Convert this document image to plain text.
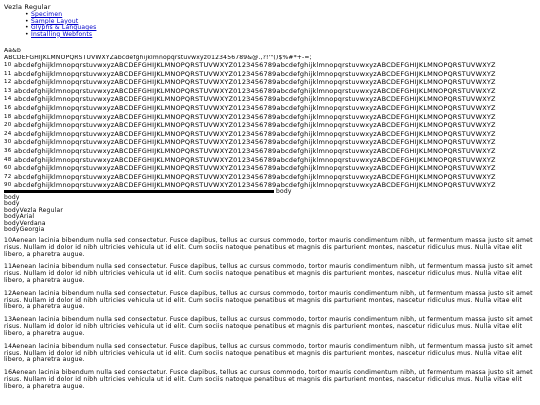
Vezla Regular
• Specimen
• Sample Layout
• Glyphs & Languages
• Installing Webfonts
Aa&b
ABCDEFGHIJKLMNOPQRSTUVWXYZabcdefghijklmnopqrstuvwxyz0123456789&@.,?!'"()$%#*+-=;
10 abcdefghijklmnopqrstuvwxyzABCDEFGHIJKLMNOPQRSTUVWXYZ0123456789abcdefghijklmnopqrstuvwxyzABCDEFGHIJKLMNOPQRSTUVWXYZ
11 abcdefghijklmnopqrstuvwxyzABCDEFGHIJKLMNOPQRSTUVWXYZ0123456789abcdefghijklmnopqrstuvwxyzABCDEFGHIJKLMNOPQRSTUVWXYZ
12 abcdefghijklmnopqrstuvwxyzABCDEFGHIJKLMNOPQRSTUVWXYZ0123456789abcdefghijklmnopqrstuvwxyzABCDEFGHIJKLMNOPQRSTUVWXYZ
13 abcdefghijklmnopqrstuvwxyzABCDEFGHIJKLMNOPQRSTUVWXYZ0123456789abcdefghijklmnopqrstuvwxyzABCDEFGHIJKLMNOPQRSTUVWXYZ
14 abcdefghijklmnopqrstuvwxyzABCDEFGHIJKLMNOPQRSTUVWXYZ0123456789abcdefghijklmnopqrstuvwxyzABCDEFGHIJKLMNOPQRSTUVWXYZ
16 abcdefghijklmnopqrstuvwxyzABCDEFGHIJKLMNOPQRSTUVWXYZ0123456789abcdefghijklmnopqrstuvwxyzABCDEFGHIJKLMNOPQRSTUVWXYZ
18 abcdefghijklmnopqrstuvwxyzABCDEFGHIJKLMNOPQRSTUVWXYZ0123456789abcdefghijklmnopqrstuvwxyzABCDEFGHIJKLMNOPQRSTUVWXYZ
20 abcdefghijklmnopqrstuvwxyzABCDEFGHIJKLMNOPQRSTUVWXYZ0123456789abcdefghijklmnopqrstuvwxyzABCDEFGHIJKLMNOPQRSTUVWXYZ
24 abcdefghijklmnopqrstuvwxyzABCDEFGHIJKLMNOPQRSTUVWXYZ0123456789abcdefghijklmnopqrstuvwxyzABCDEFGHIJKLMNOPQRSTUVWXYZ
30 abcdefghijklmnopqrstuvwxyzABCDEFGHIJKLMNOPQRSTUVWXYZ0123456789abcdefghijklmnopqrstuvwxyzABCDEFGHIJKLMNOPQRSTUVWXYZ
36 abcdefghijklmnopqrstuvwxyzABCDEFGHIJKLMNOPQRSTUVWXYZ0123456789abcdefghijklmnopqrstuvwxyzABCDEFGHIJKLMNOPQRSTUVWXYZ
48 abcdefghijklmnopqrstuvwxyzABCDEFGHIJKLMNOPQRSTUVWXYZ0123456789abcdefghijklmnopqrstuvwxyzABCDEFGHIJKLMNOPQRSTUVWXYZ
60 abcdefghijklmnopqrstuvwxyzABCDEFGHIJKLMNOPQRSTUVWXYZ0123456789abcdefghijklmnopqrstuvwxyzABCDEFGHIJKLMNOPQRSTUVWXYZ
72 abcdefghijklmnopqrstuvwxyzABCDEFGHIJKLMNOPQRSTUVWXYZ0123456789abcdefghijklmnopqrstuvwxyzABCDEFGHIJKLMNOPQRSTUVWXYZ
90 abcdefghijklmnopqrstuvwxyzABCDEFGHIJKLMNOPQRSTUVWXYZ0123456789abcdefghijklmnopqrstuvwxyzABCDEFGHIJKLMNOPQRSTUVWXYZ
body
body
body
bodyVezla Regular
bodyArial
bodyVerdana
bodyGeorgia

10Aenean lacinia bibendum nulla sed consectetur. Fusce dapibus, tellus ac cursus commodo, tortor mauris condimentum nibh, ut fermentum massa justo sit amet risus. Nullam id dolor id nibh ultricies vehicula ut id elit. Cum sociis natoque penatibus et magnis dis parturient montes, nascetur ridiculus mus. Nulla vitae elit libero, a pharetra augue.

11Aenean lacinia bibendum nulla sed consectetur. Fusce dapibus, tellus ac cursus commodo, tortor mauris condimentum nibh, ut fermentum massa justo sit amet risus. Nullam id dolor id nibh ultricies vehicula ut id elit. Cum sociis natoque penatibus et magnis dis parturient montes, nascetur ridiculus mus. Nulla vitae elit libero, a pharetra augue.

12Aenean lacinia bibendum nulla sed consectetur. Fusce dapibus, tellus ac cursus commodo, tortor mauris condimentum nibh, ut fermentum massa justo sit amet risus. Nullam id dolor id nibh ultricies vehicula ut id elit. Cum sociis natoque penatibus et magnis dis parturient montes, nascetur ridiculus mus. Nulla vitae elit libero, a pharetra augue.

13Aenean lacinia bibendum nulla sed consectetur. Fusce dapibus, tellus ac cursus commodo, tortor mauris condimentum nibh, ut fermentum massa justo sit amet risus. Nullam id dolor id nibh ultricies vehicula ut id elit. Cum sociis natoque penatibus et magnis dis parturient montes, nascetur ridiculus mus. Nulla vitae elit libero, a pharetra augue.

14Aenean lacinia bibendum nulla sed consectetur. Fusce dapibus, tellus ac cursus commodo, tortor mauris condimentum nibh, ut fermentum massa justo sit amet risus. Nullam id dolor id nibh ultricies vehicula ut id elit. Cum sociis natoque penatibus et magnis dis parturient montes, nascetur ridiculus mus. Nulla vitae elit libero, a pharetra augue.

16Aenean lacinia bibendum nulla sed consectetur. Fusce dapibus, tellus ac cursus commodo, tortor mauris condimentum nibh, ut fermentum massa justo sit amet risus. Nullam id dolor id nibh ultricies vehicula ut id elit. Cum sociis natoque penatibus et magnis dis parturient montes, nascetur ridiculus mus. Nulla vitae elit libero, a pharetra augue.
